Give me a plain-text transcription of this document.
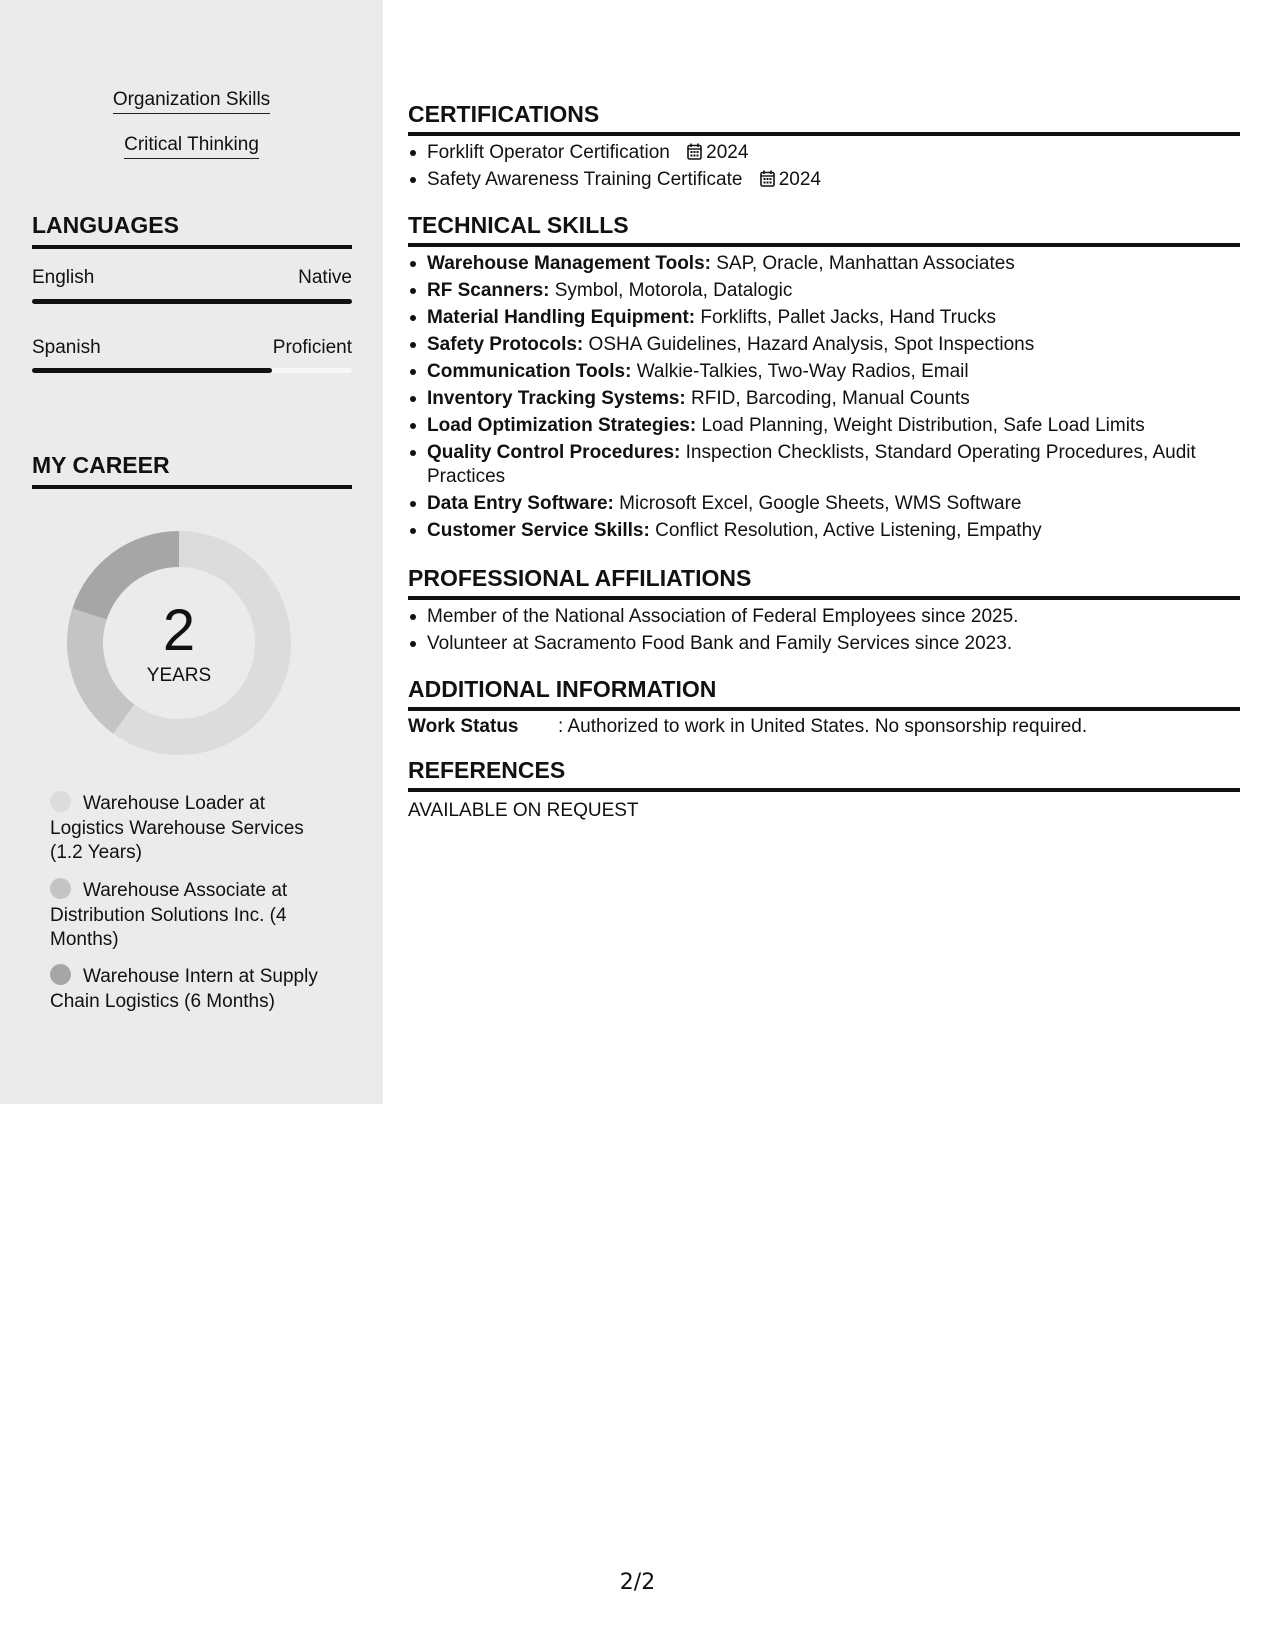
Organization Skills
Critical Thinking
LANGUAGES
English	Native
Spanish	Proficient
MY CAREER
2
YEARS
Warehouse Loader at Logistics Warehouse Services (1.2 Years)
Warehouse Associate at Distribution Solutions Inc. (4 Months)
Warehouse Intern at Supply Chain Logistics (6 Months)
CERTIFICATIONS
Forklift Operator Certification 2024
Safety Awareness Training Certificate 2024
TECHNICAL SKILLS
Warehouse Management Tools: SAP, Oracle, Manhattan Associates
RF Scanners: Symbol, Motorola, Datalogic
Material Handling Equipment: Forklifts, Pallet Jacks, Hand Trucks
Safety Protocols: OSHA Guidelines, Hazard Analysis, Spot Inspections
Communication Tools: Walkie-Talkies, Two-Way Radios, Email
Inventory Tracking Systems: RFID, Barcoding, Manual Counts
Load Optimization Strategies: Load Planning, Weight Distribution, Safe Load Limits
Quality Control Procedures: Inspection Checklists, Standard Operating Procedures, Audit Practices
Data Entry Software: Microsoft Excel, Google Sheets, WMS Software
Customer Service Skills: Conflict Resolution, Active Listening, Empathy
PROFESSIONAL AFFILIATIONS
Member of the National Association of Federal Employees since 2025.
Volunteer at Sacramento Food Bank and Family Services since 2023.
ADDITIONAL INFORMATION
Work Status : Authorized to work in United States. No sponsorship required.
REFERENCES
AVAILABLE ON REQUEST
2/2
